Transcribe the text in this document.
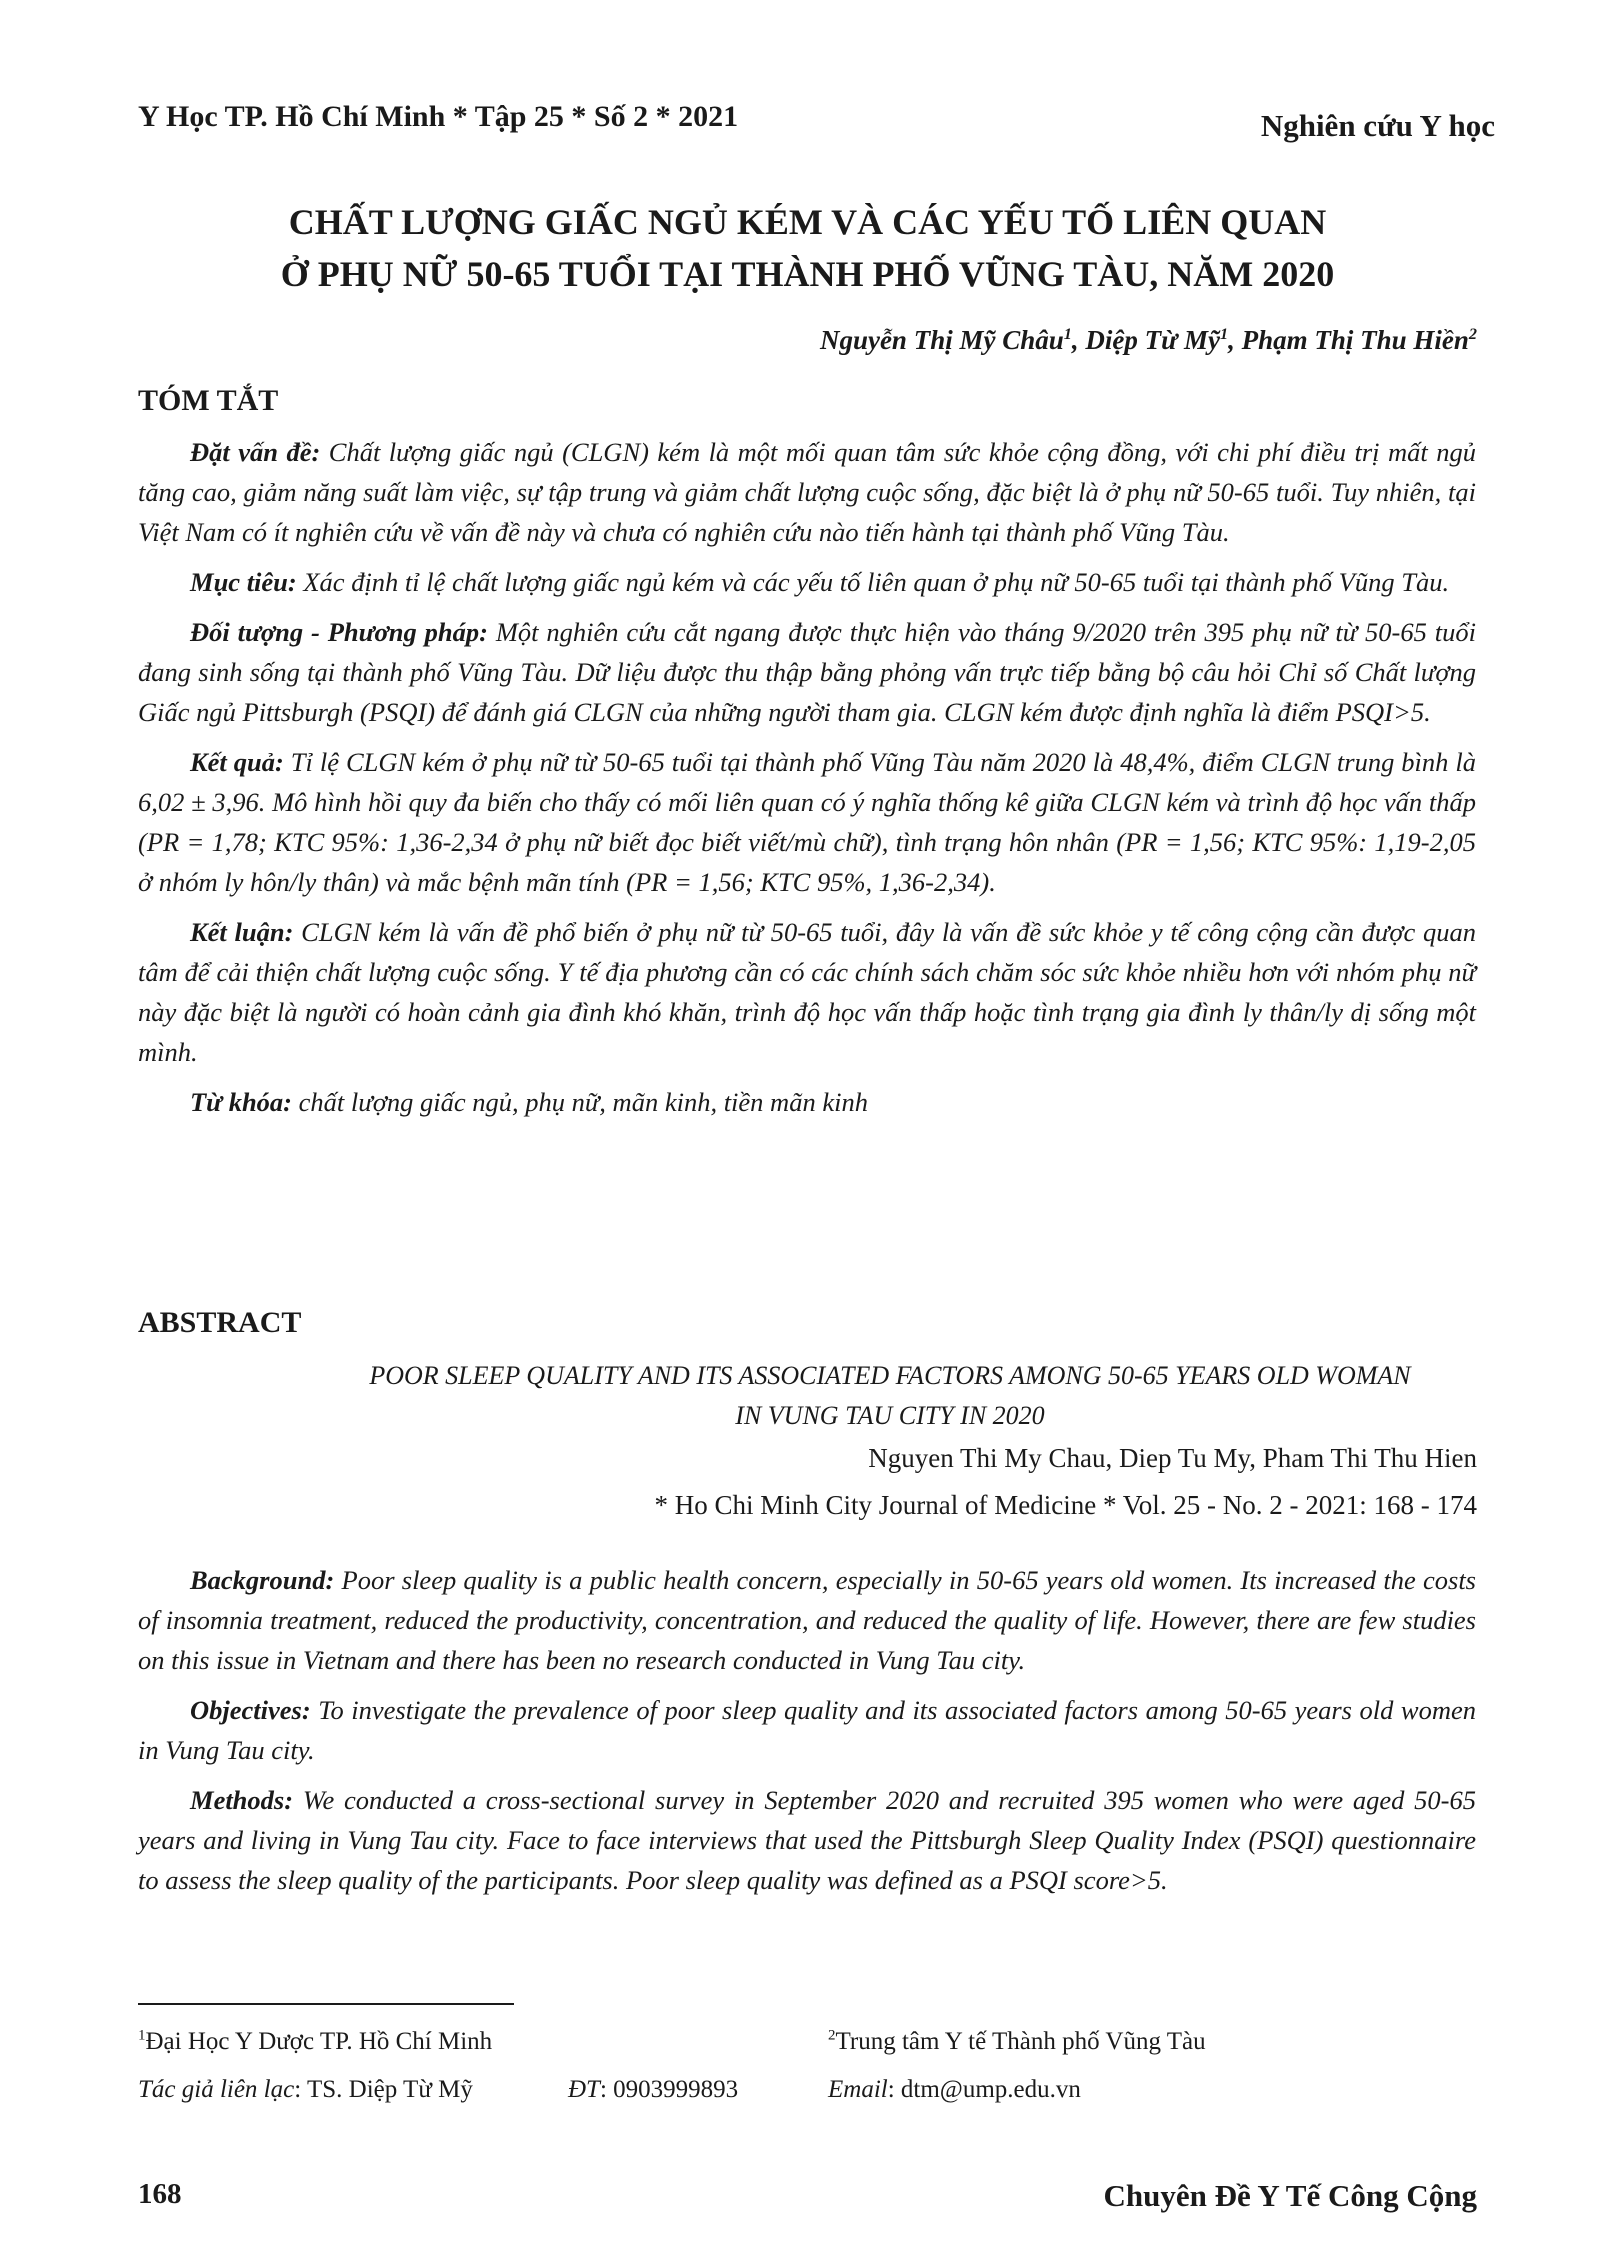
Y Học TP. Hồ Chí Minh * Tập 25 * Số 2 * 2021	Nghiên cứu Y học
CHẤT LƯỢNG GIẤC NGỦ KÉM VÀ CÁC YẾU TỐ LIÊN QUAN
Ở PHỤ NỮ 50-65 TUỔI TẠI THÀNH PHỐ VŨNG TÀU, NĂM 2020
Nguyễn Thị Mỹ Châu$^1$, Diệp Từ Mỹ$^1$, Phạm Thị Thu Hiền$^2$
TÓM TẮT

Đặt vấn đề: Chất lượng giấc ngủ (CLGN) kém là một mối quan tâm sức khỏe cộng đồng, với chi phí điều trị mất ngủ tăng cao, giảm năng suất làm việc, sự tập trung và giảm chất lượng cuộc sống, đặc biệt là ở phụ nữ 50-65 tuổi. Tuy nhiên, tại Việt Nam có ít nghiên cứu về vấn đề này và chưa có nghiên cứu nào tiến hành tại thành phố Vũng Tàu.

Mục tiêu: Xác định tỉ lệ chất lượng giấc ngủ kém và các yếu tố liên quan ở phụ nữ 50-65 tuổi tại thành phố Vũng Tàu.

Đối tượng - Phương pháp: Một nghiên cứu cắt ngang được thực hiện vào tháng 9/2020 trên 395 phụ nữ từ 50-65 tuổi đang sinh sống tại thành phố Vũng Tàu. Dữ liệu được thu thập bằng phỏng vấn trực tiếp bằng bộ câu hỏi Chỉ số Chất lượng Giấc ngủ Pittsburgh (PSQI) để đánh giá CLGN của những người tham gia. CLGN kém được định nghĩa là điểm PSQI>5.

Kết quả: Tỉ lệ CLGN kém ở phụ nữ từ 50-65 tuổi tại thành phố Vũng Tàu năm 2020 là 48,4%, điểm CLGN trung bình là 6,02 ± 3,96. Mô hình hồi quy đa biến cho thấy có mối liên quan có ý nghĩa thống kê giữa CLGN kém và trình độ học vấn thấp (PR = 1,78; KTC 95%: 1,36-2,34 ở phụ nữ biết đọc biết viết/mù chữ), tình trạng hôn nhân (PR = 1,56; KTC 95%: 1,19-2,05 ở nhóm ly hôn/ly thân) và mắc bệnh mãn tính (PR = 1,56; KTC 95%, 1,36-2,34).

Kết luận: CLGN kém là vấn đề phổ biến ở phụ nữ từ 50-65 tuổi, đây là vấn đề sức khỏe y tế công cộng cần được quan tâm để cải thiện chất lượng cuộc sống. Y tế địa phương cần có các chính sách chăm sóc sức khỏe nhiều hơn với nhóm phụ nữ này đặc biệt là người có hoàn cảnh gia đình khó khăn, trình độ học vấn thấp hoặc tình trạng gia đình ly thân/ly dị sống một mình.

Từ khóa: chất lượng giấc ngủ, phụ nữ, mãn kinh, tiền mãn kinh

ABSTRACT
POOR SLEEP QUALITY AND ITS ASSOCIATED FACTORS AMONG 50-65 YEARS OLD WOMAN
IN VUNG TAU CITY IN 2020
Nguyen Thi My Chau, Diep Tu My, Pham Thi Thu Hien
* Ho Chi Minh City Journal of Medicine * Vol. 25 - No. 2 - 2021: 168 - 174

Background: Poor sleep quality is a public health concern, especially in 50-65 years old women. Its increased the costs of insomnia treatment, reduced the productivity, concentration, and reduced the quality of life. However, there are few studies on this issue in Vietnam and there has been no research conducted in Vung Tau city.

Objectives: To investigate the prevalence of poor sleep quality and its associated factors among 50-65 years old women in Vung Tau city.

Methods: We conducted a cross-sectional survey in September 2020 and recruited 395 women who were aged 50-65 years and living in Vung Tau city. Face to face interviews that used the Pittsburgh Sleep Quality Index (PSQI) questionnaire to assess the sleep quality of the participants. Poor sleep quality was defined as a PSQI score>5.

$^1$Đại Học Y Dược TP. Hồ Chí Minh	$^2$Trung tâm Y tế Thành phố Vũng Tàu
Tác giả liên lạc: TS. Diệp Từ Mỹ	ĐT: 0903999893	Email: dtm@ump.edu.vn
168	Chuyên Đề Y Tế Công Cộng
